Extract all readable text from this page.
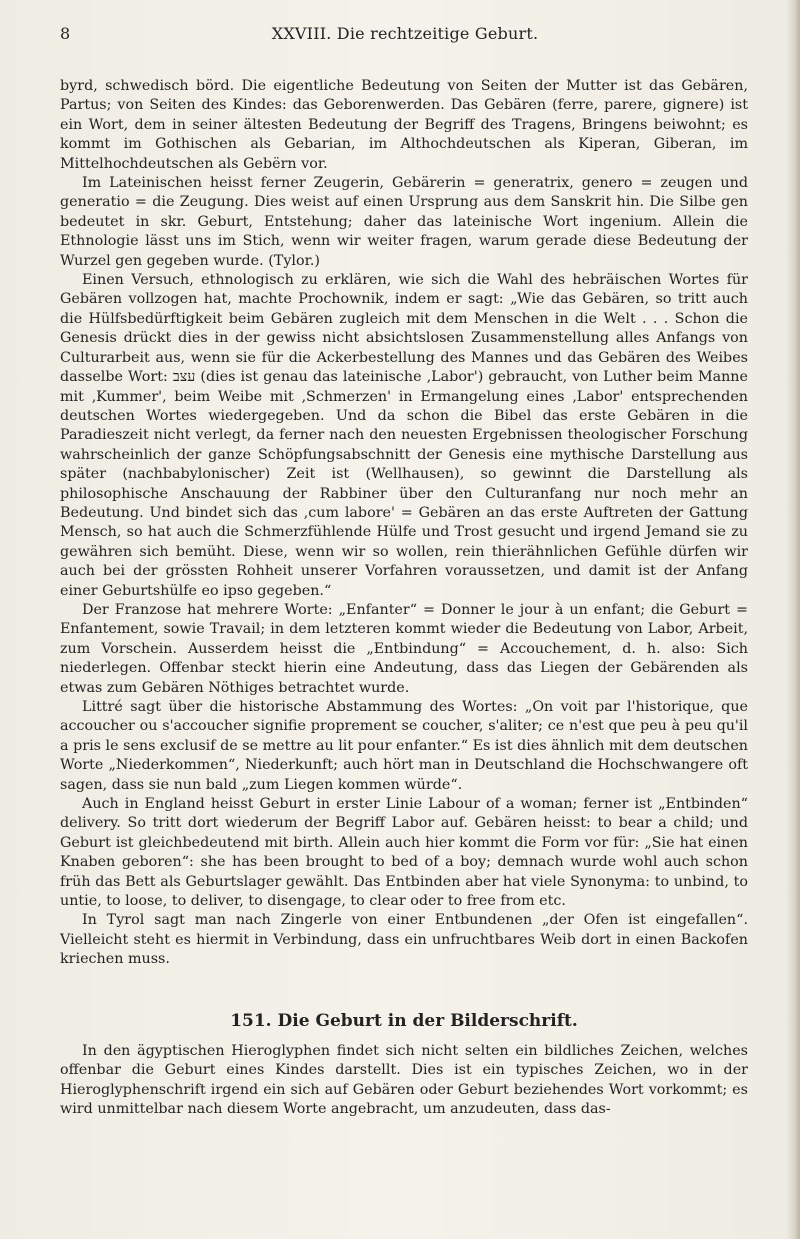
8	XXVIII. Die rechtzeitige Geburt.

byrd, schwedisch börd. Die eigentliche Bedeutung von Seiten der Mutter ist das Gebären, Partus; von Seiten des Kindes: das Geborenwerden. Das Gebären (ferre, parere, gignere) ist ein Wort, dem in seiner ältesten Bedeutung der Begriff des Tragens, Bringens beiwohnt; es kommt im Gothischen als Gebarian, im Althochdeutschen als Kiperan, Giberan, im Mittelhochdeutschen als Gebërn vor.

Im Lateinischen heisst ferner Zeugerin, Gebärerin = generatrix, genero = zeugen und generatio = die Zeugung. Dies weist auf einen Ursprung aus dem Sanskrit hin. Die Silbe gen bedeutet in skr. Geburt, Entstehung; daher das lateinische Wort ingenium. Allein die Ethnologie lässt uns im Stich, wenn wir weiter fragen, warum gerade diese Bedeutung der Wurzel gen gegeben wurde. (Tylor.)

Einen Versuch, ethnologisch zu erklären, wie sich die Wahl des hebräischen Wortes für Gebären vollzogen hat, machte Prochownik, indem er sagt: „Wie das Gebären, so tritt auch die Hülfsbedürftigkeit beim Gebären zugleich mit dem Menschen in die Welt . . . Schon die Genesis drückt dies in der gewiss nicht absichtslosen Zusammenstellung alles Anfangs von Culturarbeit aus, wenn sie für die Ackerbestellung des Mannes und das Gebären des Weibes dasselbe Wort: עצב (dies ist genau das lateinische ‚Labor') gebraucht, von Luther beim Manne mit ‚Kummer', beim Weibe mit ‚Schmerzen' in Ermangelung eines ‚Labor' entsprechenden deutschen Wortes wiedergegeben. Und da schon die Bibel das erste Gebären in die Paradieszeit nicht verlegt, da ferner nach den neuesten Ergebnissen theologischer Forschung wahrscheinlich der ganze Schöpfungsabschnitt der Genesis eine mythische Darstellung aus später (nachbabylonischer) Zeit ist (Wellhausen), so gewinnt die Darstellung als philosophische Anschauung der Rabbiner über den Culturanfang nur noch mehr an Bedeutung. Und bindet sich das ‚cum labore' = Gebären an das erste Auftreten der Gattung Mensch, so hat auch die Schmerzfühlende Hülfe und Trost gesucht und irgend Jemand sie zu gewähren sich bemüht. Diese, wenn wir so wollen, rein thierähnlichen Gefühle dürfen wir auch bei der grössten Rohheit unserer Vorfahren voraussetzen, und damit ist der Anfang einer Geburtshülfe eo ipso gegeben.“

Der Franzose hat mehrere Worte: „Enfanter“ = Donner le jour à un enfant; die Geburt = Enfantement, sowie Travail; in dem letzteren kommt wieder die Bedeutung von Labor, Arbeit, zum Vorschein. Ausserdem heisst die „Entbindung“ = Accouchement, d. h. also: Sich niederlegen. Offenbar steckt hierin eine Andeutung, dass das Liegen der Gebärenden als etwas zum Gebären Nöthiges betrachtet wurde.

Littré sagt über die historische Abstammung des Wortes: „On voit par l'historique, que accoucher ou s'accoucher signifie proprement se coucher, s'aliter; ce n'est que peu à peu qu'il a pris le sens exclusif de se mettre au lit pour enfanter.“ Es ist dies ähnlich mit dem deutschen Worte „Niederkommen“, Niederkunft; auch hört man in Deutschland die Hochschwangere oft sagen, dass sie nun bald „zum Liegen kommen würde“.

Auch in England heisst Geburt in erster Linie Labour of a woman; ferner ist „Entbinden“ delivery. So tritt dort wiederum der Begriff Labor auf. Gebären heisst: to bear a child; und Geburt ist gleichbedeutend mit birth. Allein auch hier kommt die Form vor für: „Sie hat einen Knaben geboren“: she has been brought to bed of a boy; demnach wurde wohl auch schon früh das Bett als Geburtslager gewählt. Das Entbinden aber hat viele Synonyma: to unbind, to untie, to loose, to deliver, to disengage, to clear oder to free from etc.

In Tyrol sagt man nach Zingerle von einer Entbundenen „der Ofen ist eingefallen“. Vielleicht steht es hiermit in Verbindung, dass ein unfruchtbares Weib dort in einen Backofen kriechen muss.

151. Die Geburt in der Bilderschrift.

In den ägyptischen Hieroglyphen findet sich nicht selten ein bildliches Zeichen, welches offenbar die Geburt eines Kindes darstellt. Dies ist ein typisches Zeichen, wo in der Hieroglyphenschrift irgend ein sich auf Gebären oder Geburt beziehendes Wort vorkommt; es wird unmittelbar nach diesem Worte angebracht, um anzudeuten, dass das-
